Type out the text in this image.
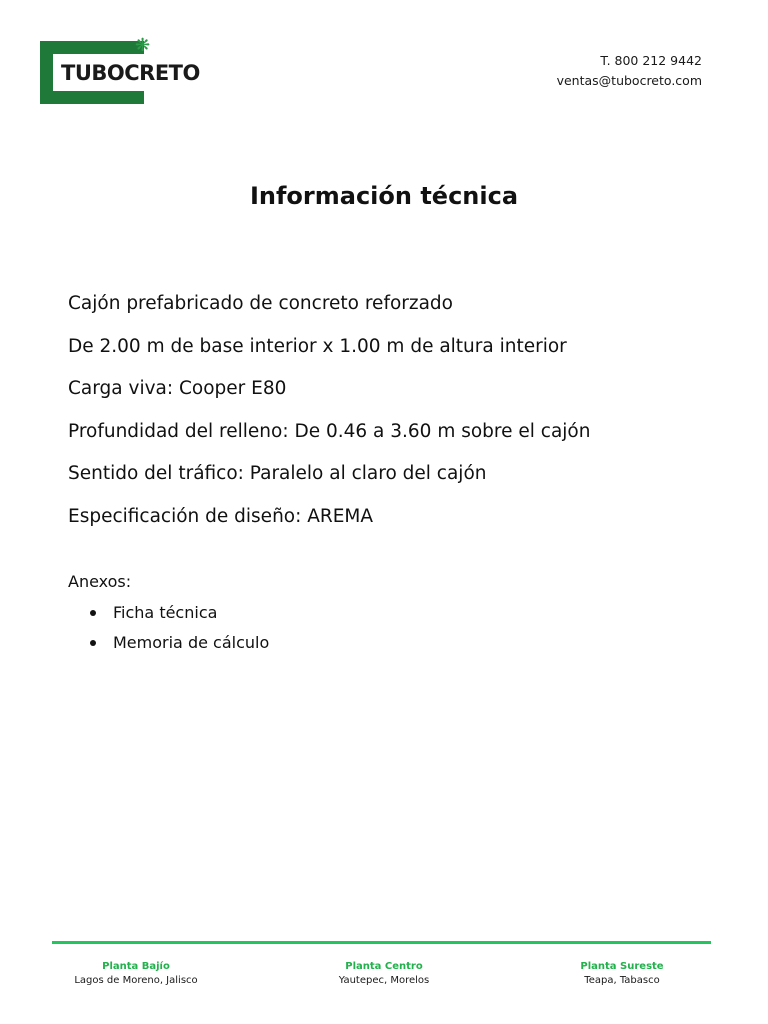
❋
TUBOCRETO
T. 800 212 9442
ventas@tubocreto.com
Información técnica
Cajón prefabricado de concreto reforzado
De 2.00 m de base interior x 1.00 m de altura interior
Carga viva: Cooper E80
Profundidad del relleno: De 0.46 a 3.60 m sobre el cajón
Sentido del tráfico: Paralelo al claro del cajón
Especificación de diseño: AREMA
Anexos:
Ficha técnica
Memoria de cálculo
Planta Bajío
Lagos de Moreno, Jalisco
Planta Centro
Yautepec, Morelos
Planta Sureste
Teapa, Tabasco
